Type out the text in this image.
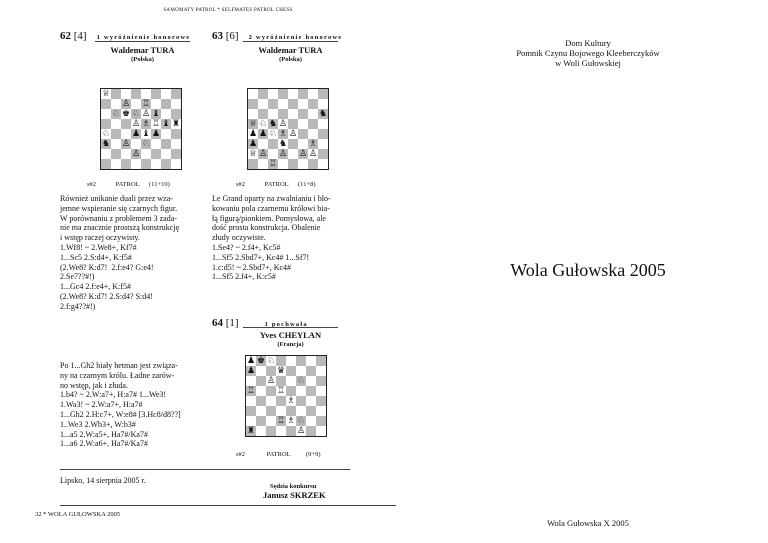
SAMOMATY PATROL * SELFMATES PATROL CHESS
62 [4] 1 wyróżnienie honorowe
Waldemar TURA
(Polska)
♕
♙ ♖
♘ ♚ ♘ ♙ ♝
♙ ♗ ♖ ♝ ♜
♘ ♟ ♝ ♟
♞ ♙ ♘
♙
s#2	PATROL (11+10)
Również unikanie duali przez wza-
jemne wspieranie się czarnych figur.
W porównaniu z problemem 3 zada-
nie ma znacznie prostszą konstrukcję
i wstęp raczej oczywisty.
1.Wf8! ~ 2.We8+, Kf7#
1...Sc5 2.S:d4+, K:f5#
(2.We8? K:d7!  2.f:e4? G:e4!
2.Se7??#!)
1...Gc4 2.f:e4+, K:f5#
(2.We8? K:d7! 2.S:d4? S:d4!
2.f:g4??#!)
63 [6] 2 wyróżnienie honorowe
Waldemar TURA
(Polska)
♞
♕ ♘ ♞ ♙
♟ ♟ ♘ ♗ ♙
♟ ♞ ♗
♕ ♙ ♙ ♙ ♙
♖
s#2	PATROL (11+8)
Le Grand oparty na zwalnianiu i blo-
kowaniu pola czarnemu królowi bia-
łą figurą/pionkiem. Pomysłowa, ale
dość prosta konstrukcja. Obalenie
złudy oczywiste.
1.Se4? ~ 2.f4+, Kc5#
1...Sf5 2.Sbd7+, Kc4# 1...Sf7!
1.c:d5! ~ 2.Sbd7+, Kc4#
1...Sf5 2.f4+, K:c5#
64 [1]	1 pochwała
Yves CHEYLAN
(Francja)
♟ ♚ ♘
♟ ♛
♙ ♘
♖ ♖
♗
♖ ♗ ♘
♜	♙
s#2	PATROL (9+9)
Po 1...Gh2 biały hetman jest związa-
ny na czarnym królu. Ładne zarów-
no wstęp, jak i złuda.
1.b4? ~ 2.W:a7+, H:a7# 1...We3!
1.Wa3! ~ 2.W:a7+, H:a7#
1...Gh2 2.H:c7+, W:e8# [3.Hc8/d8??]
1..We3 2.Wb3+, W:b3#
1...a5 2.W:a5+, Ha7#/Ka7#
1...a6 2.W:a6+, Ha7#/Ka7#
Lipsko, 14 sierpnia 2005 r.
Sędzia konkursu
Janusz SKRZEK
32 * WOLA GUŁOWSKA 2005
Dom Kultury
Pomnik Czynu Bojowego Kleeberczyków
w Woli Gułowskiej
Wola Gułowska 2005
Wola Gułowska X 2005
